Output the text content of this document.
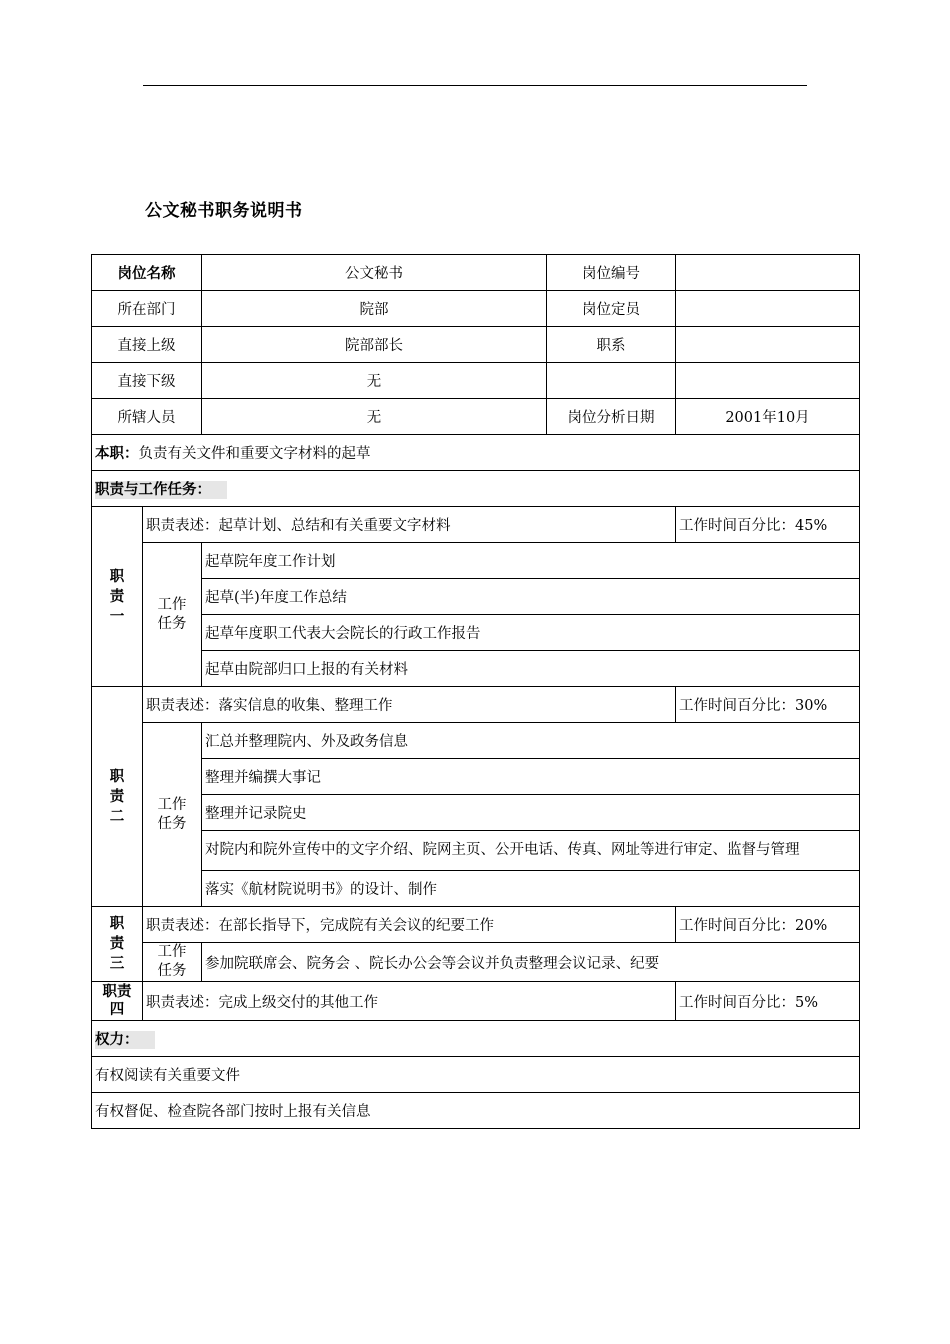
公文秘书职务说明书
岗位名称		公文秘书	岗位编号	
所在部门		院部	岗位定员	
直接上级		院部部长	职系	
直接下级		无		
所辖人员		无	岗位分析日期	2001年10月
本职：负责有关文件和重要文字材料的起草				
职责与工作任务：				
职责一	职责表述：起草计划、总结和有关重要文字材料			工作时间百分比：45%
	工作任务	起草院年度工作计划		
		起草(半)年度工作总结		
		起草年度职工代表大会院长的行政工作报告		
		起草由院部归口上报的有关材料		
职责二	职责表述：落实信息的收集、整理工作			工作时间百分比：30%
	工作任务	汇总并整理院内、外及政务信息		
		整理并编撰大事记		
		整理并记录院史		
		对院内和院外宣传中的文字介绍、院网主页、公开电话、传真、网址等进行审定、监督与管理		
		落实《航材院说明书》的设计、制作		
职责三	职责表述：在部长指导下，完成院有关会议的纪要工作			工作时间百分比：20%
	工作任务	参加院联席会、院务会 、院长办公会等会议并负责整理会议记录、纪要		
职责四	职责表述：完成上级交付的其他工作			工作时间百分比：5%
权力：				
有权阅读有关重要文件				
有权督促、检查院各部门按时上报有关信息				
